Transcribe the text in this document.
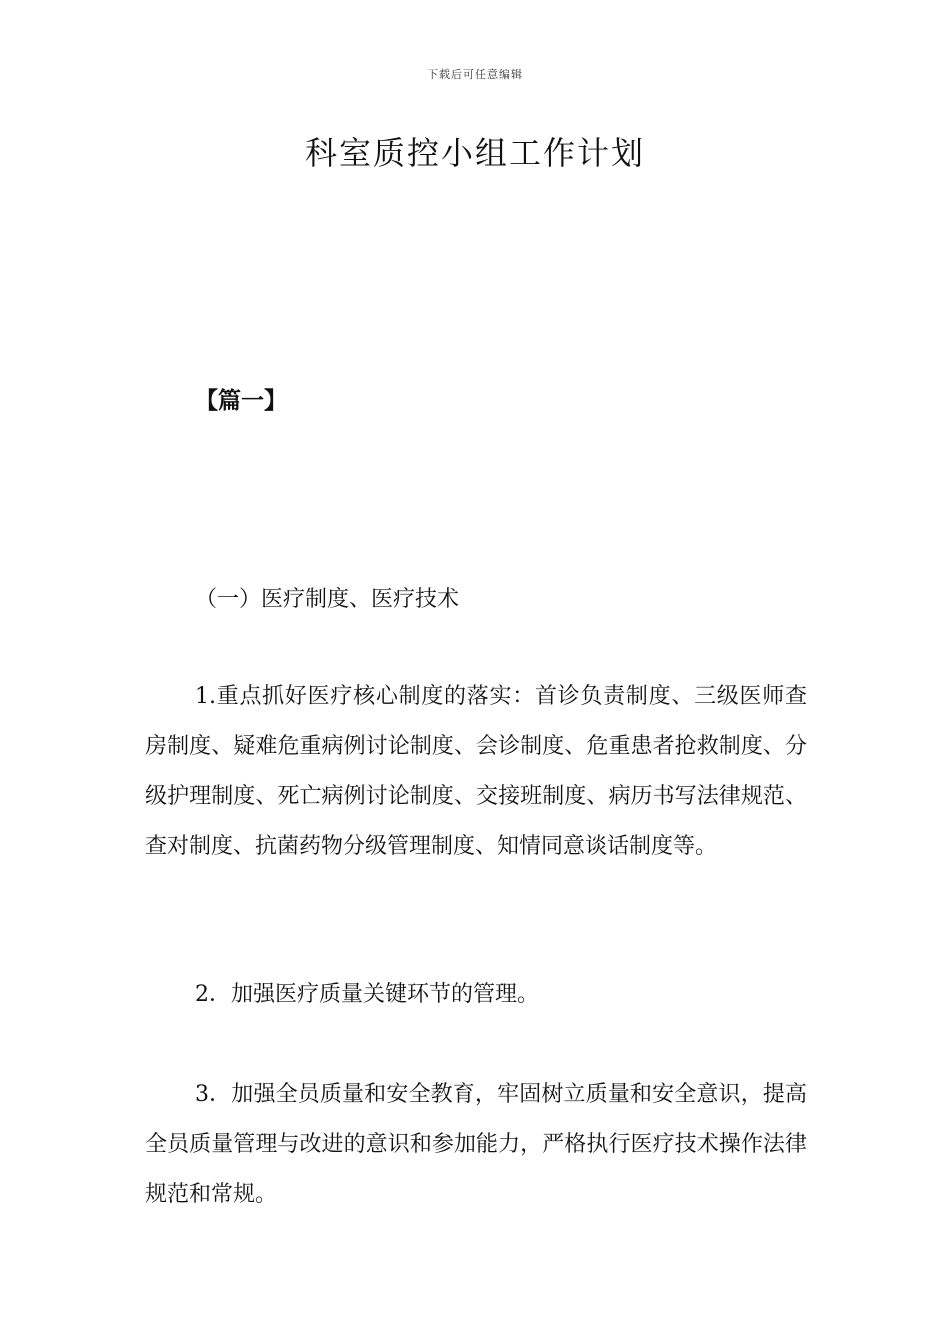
下载后可任意编辑
科室质控小组工作计划
【篇一】
（一）医疗制度、医疗技术

1.重点抓好医疗核心制度的落实：首诊负责制度、三级医师查房制度、疑难危重病例讨论制度、会诊制度、危重患者抢救制度、分级护理制度、死亡病例讨论制度、交接班制度、病历书写法律规范、查对制度、抗菌药物分级管理制度、知情同意谈话制度等。

2．加强医疗质量关键环节的管理。

3．加强全员质量和安全教育，牢固树立质量和安全意识，提高全员质量管理与改进的意识和参加能力，严格执行医疗技术操作法律规范和常规。
